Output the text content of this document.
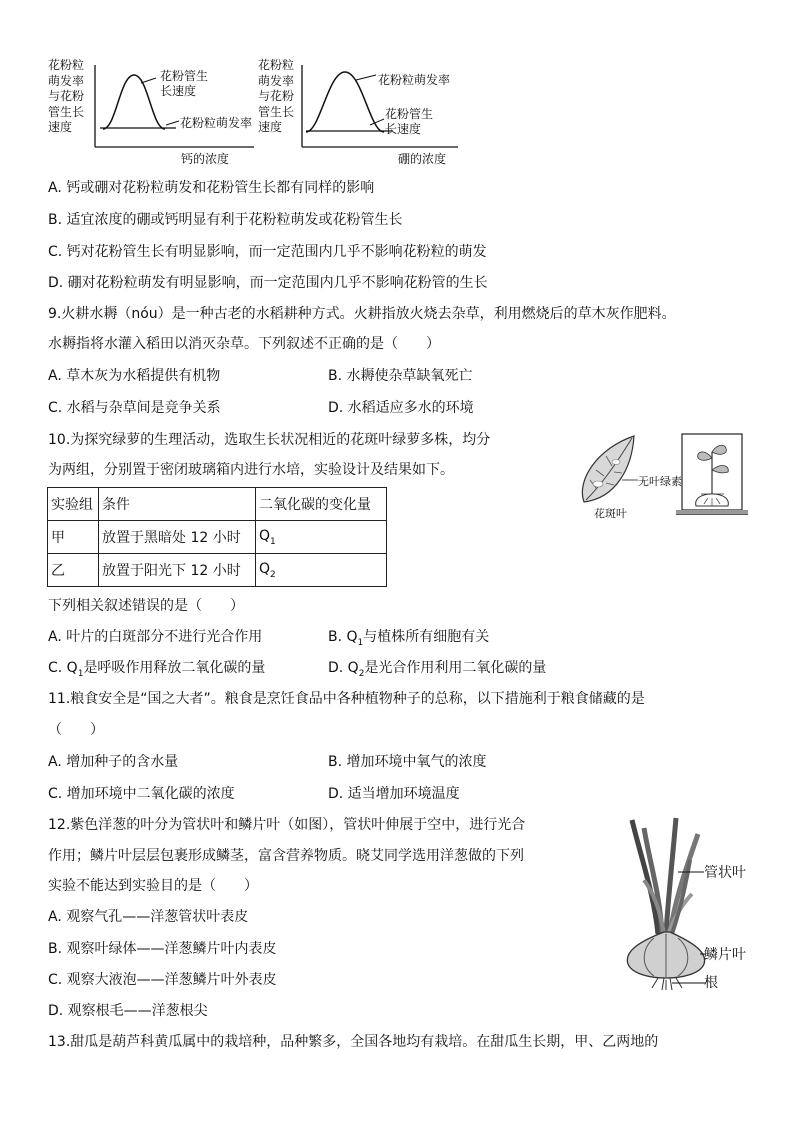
花粉粒
萌发率
与花粉
管生长
速度
花粉管生
长速度
花粉粒萌发率
钙的浓度
花粉粒
萌发率
与花粉
管生长
速度
花粉粒萌发率
花粉管生
长速度
硼的浓度
A. 钙或硼对花粉粒萌发和花粉管生长都有同样的影响
B. 适宜浓度的硼或钙明显有利于花粉粒萌发或花粉管生长
C. 钙对花粉管生长有明显影响，而一定范围内几乎不影响花粉粒的萌发
D. 硼对花粉粒萌发有明显影响，而一定范围内几乎不影响花粉管的生长
9.火耕水耨（nóu）是一种古老的水稻耕种方式。火耕指放火烧去杂草，利用燃烧后的草木灰作肥料。
水耨指将水灌入稻田以消灭杂草。下列叙述不正确的是（　　）
A. 草木灰为水稻提供有机物	B. 水耨使杂草缺氧死亡
C. 水稻与杂草间是竞争关系	D. 水稻适应多水的环境
10.为探究绿萝的生理活动，选取生长状况相近的花斑叶绿萝多株，均分
为两组，分别置于密闭玻璃箱内进行水培，实验设计及结果如下。
无叶绿素
花斑叶
实验组	条件	二氧化碳的变化量
甲	放置于黑暗处 12 小时	$Q_1$
乙	放置于阳光下 12 小时	$Q_2$
下列相关叙述错误的是（　　）
A. 叶片的白斑部分不进行光合作用	B. $Q_1$与植株所有细胞有关
C. $Q_1$是呼吸作用释放二氧化碳的量	D. $Q_2$是光合作用利用二氧化碳的量
11.粮食安全是“国之大者”。粮食是烹饪食品中各种植物种子的总称，以下措施利于粮食储藏的是
（　　）
A. 增加种子的含水量	B. 增加环境中氧气的浓度
C. 增加环境中二氧化碳的浓度	D. 适当增加环境温度
12.紫色洋葱的叶分为管状叶和鳞片叶（如图），管状叶伸展于空中，进行光合
作用；鳞片叶层层包裹形成鳞茎，富含营养物质。晓艾同学选用洋葱做的下列
实验不能达到实验目的是（　　）
A. 观察气孔——洋葱管状叶表皮
B. 观察叶绿体——洋葱鳞片叶内表皮
C. 观察大液泡——洋葱鳞片叶外表皮
D. 观察根毛——洋葱根尖
管状叶
鳞片叶
根
13.甜瓜是葫芦科黄瓜属中的栽培种，品种繁多，全国各地均有栽培。在甜瓜生长期，甲、乙两地的
